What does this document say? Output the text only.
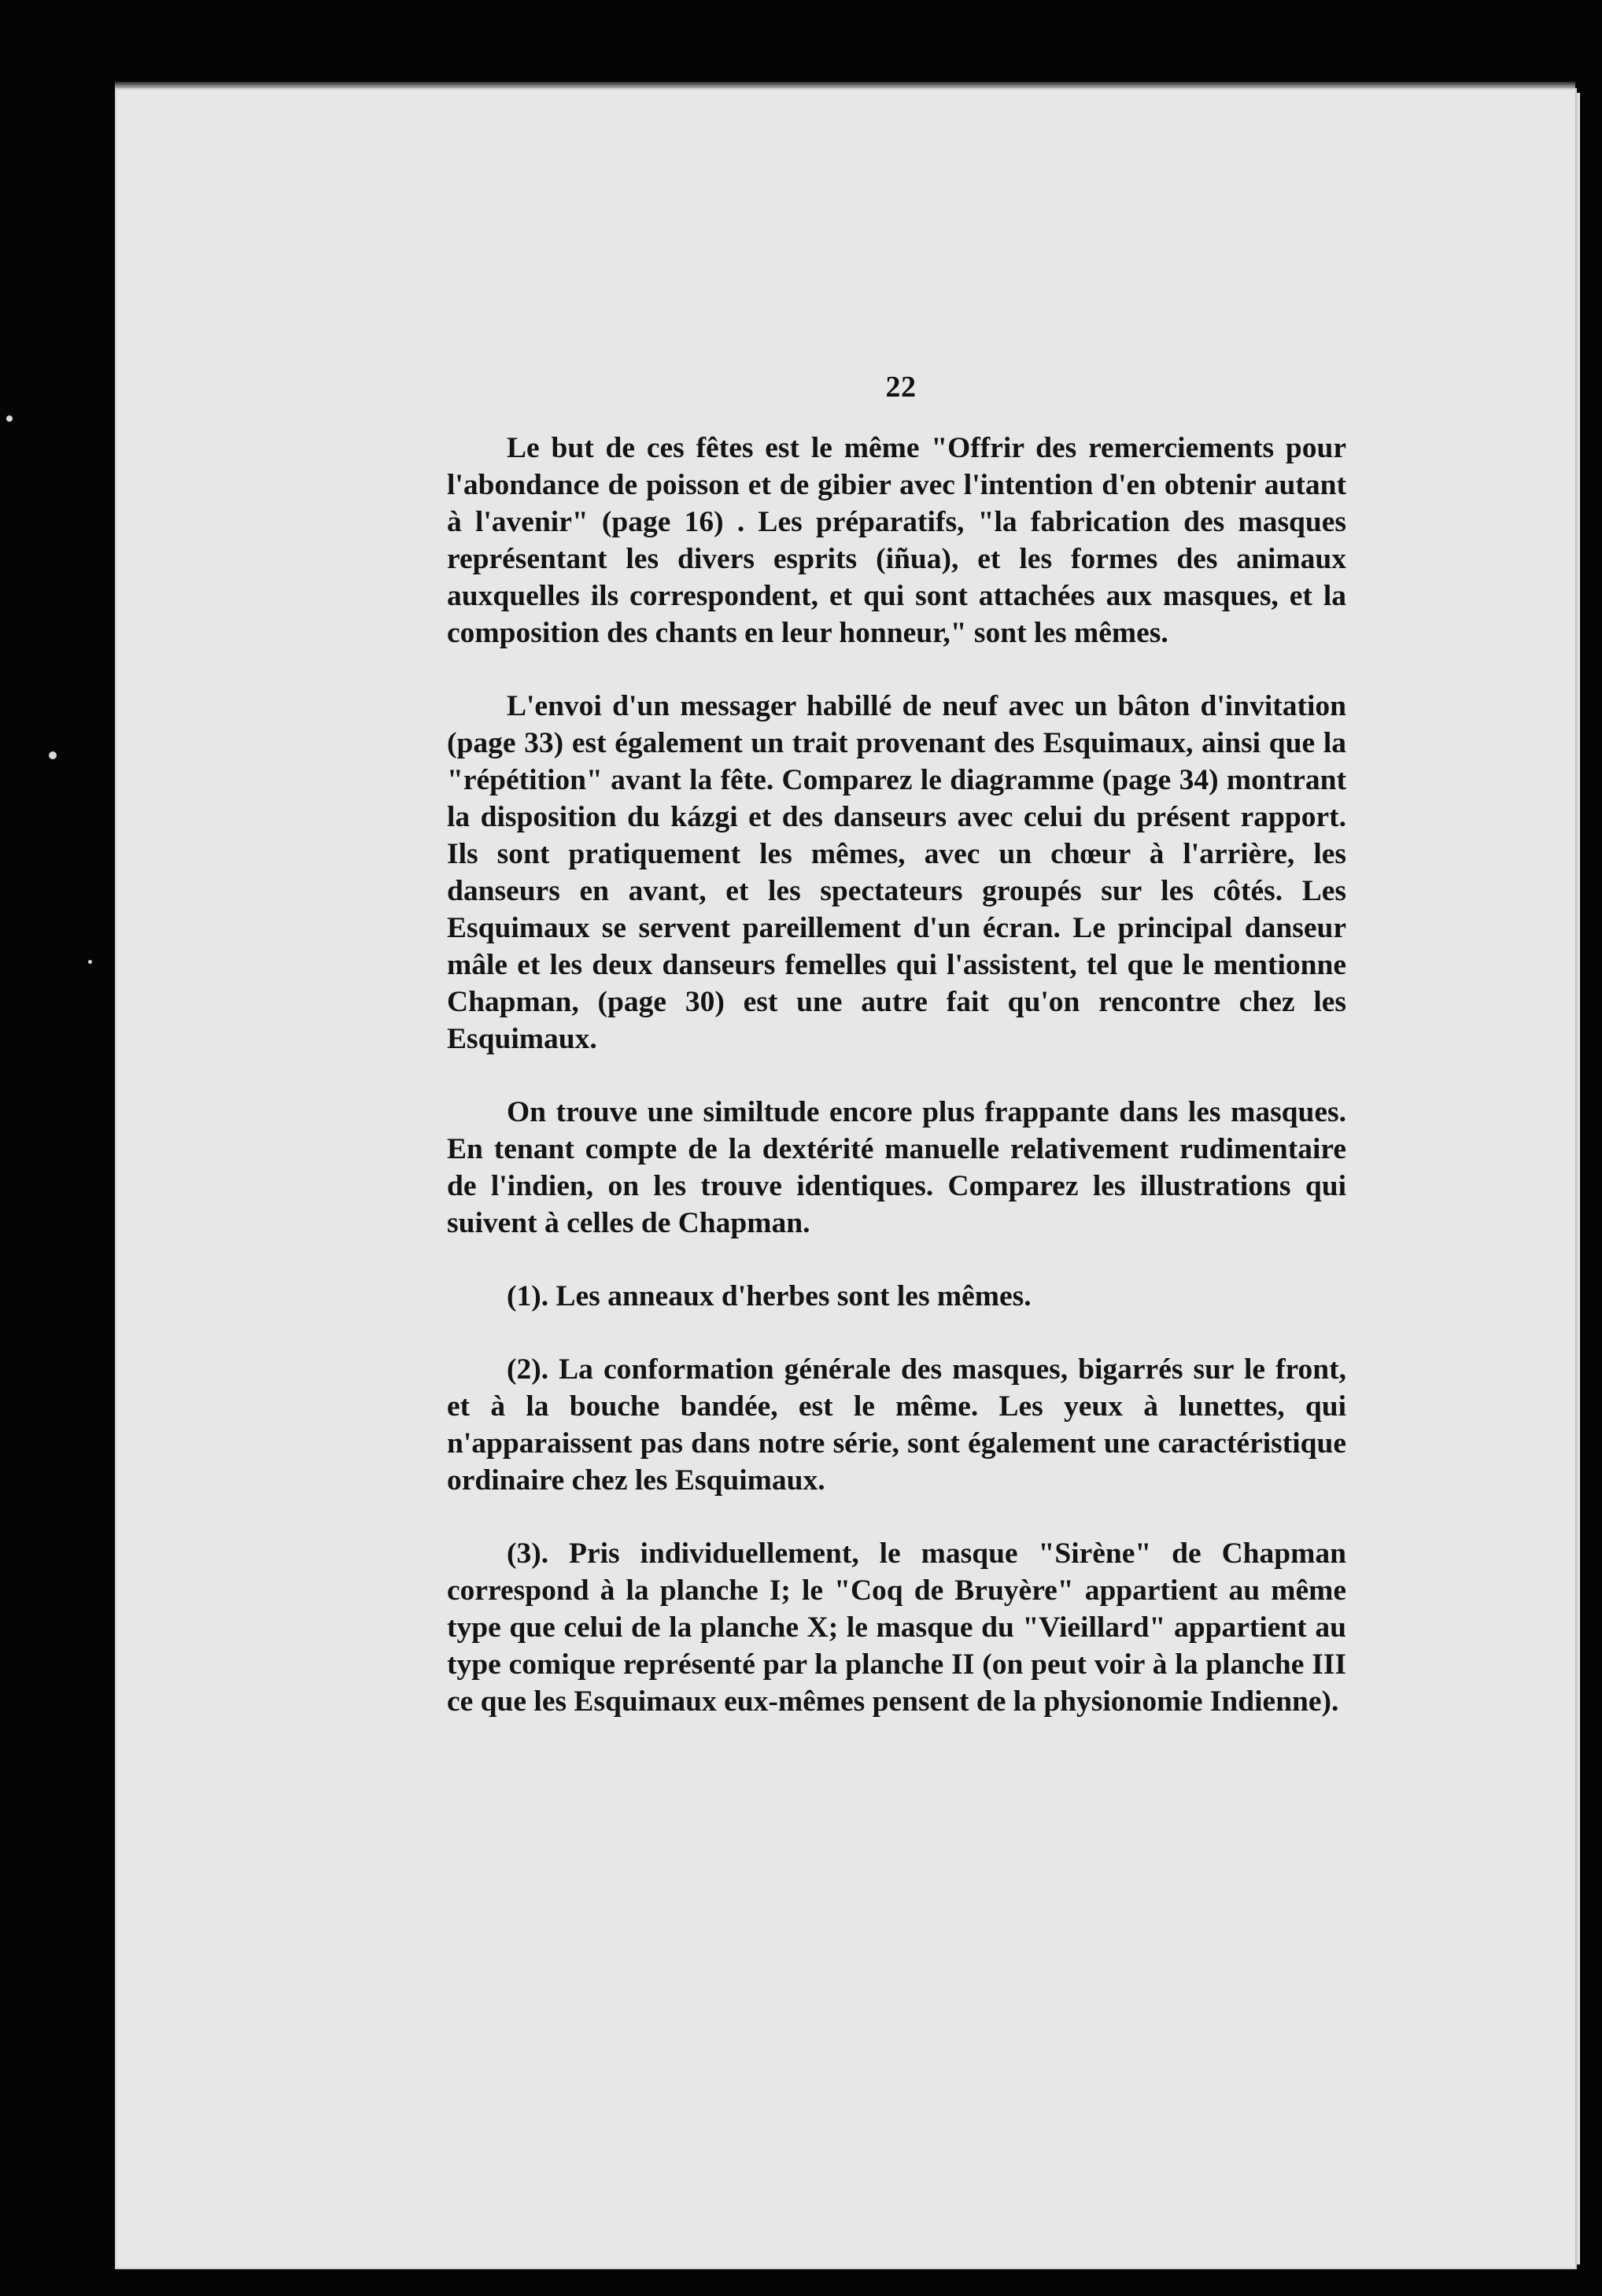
22

Le but de ces fêtes est le même "Offrir des remerciements pour l'abondance de poisson et de gibier avec l'intention d'en obtenir autant à l'avenir" (page 16) . Les préparatifs, "la fabrication des masques représentant les divers esprits (iñua), et les formes des animaux auxquelles ils correspondent, et qui sont attachées aux masques, et la composition des chants en leur honneur," sont les mêmes.

L'envoi d'un messager habillé de neuf avec un bâton d'invitation (page 33) est également un trait provenant des Esquimaux, ainsi que la "répétition" avant la fête. Comparez le diagramme (page 34) montrant la disposition du kázgi et des danseurs avec celui du présent rapport. Ils sont pratiquement les mêmes, avec un chœur à l'arrière, les danseurs en avant, et les spectateurs groupés sur les côtés. Les Esquimaux se servent pareillement d'un écran. Le principal danseur mâle et les deux danseurs femelles qui l'assistent, tel que le mentionne Chapman, (page 30) est une autre fait qu'on rencontre chez les Esquimaux.

On trouve une similtude encore plus frappante dans les masques. En tenant compte de la dextérité manuelle relativement rudimentaire de l'indien, on les trouve identiques. Comparez les illustrations qui suivent à celles de Chapman.

(1). Les anneaux d'herbes sont les mêmes.

(2). La conformation générale des masques, bigarrés sur le front, et à la bouche bandée, est le même. Les yeux à lunettes, qui n'apparaissent pas dans notre série, sont également une caractéristique ordinaire chez les Esquimaux.

(3). Pris individuellement, le masque "Sirène" de Chapman correspond à la planche I; le "Coq de Bruyère" appartient au même type que celui de la planche X; le masque du "Vieillard" appartient au type comique représenté par la planche II (on peut voir à la planche III ce que les Esquimaux eux-mêmes pensent de la physionomie Indienne).
